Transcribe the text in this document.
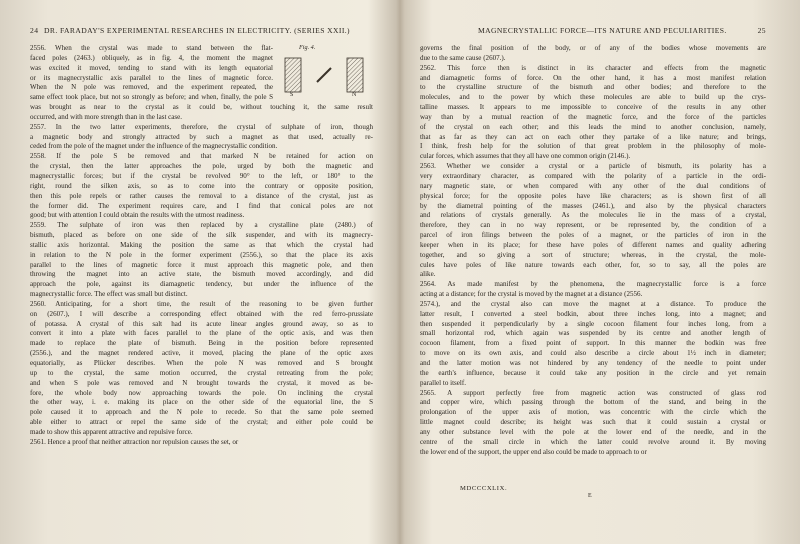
24 DR. FARADAY'S EXPERIMENTAL RESEARCHES IN ELECTRICITY. (SERIES XXII.)
Fig. 4.
S	N
2556. When the crystal was made to stand between the flat-
faced poles (2463.) obliquely, as in fig. 4, the moment the magnet
was excited it moved, tending to stand with its length equatorial
or its magnecrystallic axis parallel to the lines of magnetic force.
When the N pole was removed, and the experiment repeated, the
same effect took place, but not so strongly as before; and when, finally, the pole S
was brought as near to the crystal as it could be, without touching it, the same result
occurred, and with more strength than in the last case.
2557. In the two latter experiments, therefore, the crystal of sulphate of iron, though
a magnetic body and strongly attracted by such a magnet as that used, actually re-
ceded from the pole of the magnet under the influence of the magnecrystallic condition.
2558. If the pole S be removed and that marked N be retained for action on
the crystal, then the latter approaches the pole, urged by both the magnetic and
magnecrystallic forces; but if the crystal be revolved 90° to the left, or 180° to the
right, round the silken axis, so as to come into the contrary or opposite position,
then this pole repels or rather causes the removal to a distance of the crystal, just as
the former did. The experiment requires care, and I find that conical poles are not
good; but with attention I could obtain the results with the utmost readiness.
2559. The sulphate of iron was then replaced by a crystalline plate (2480.) of
bismuth, placed as before on one side of the silk suspender, and with its magnecry-
stallic axis horizontal. Making the position the same as that which the crystal had
in relation to the N pole in the former experiment (2556.), so that the place its axis
parallel to the lines of magnetic force it must approach this magnetic pole, and then
throwing the magnet into an active state, the bismuth moved accordingly, and did
approach the pole, against its diamagnetic tendency, but under the influence of the
magnecrystallic force. The effect was small but distinct.
2560. Anticipating, for a short time, the result of the reasoning to be given further
on (2607.), I will describe a corresponding effect obtained with the red ferro-prussiate
of potassa. A crystal of this salt had its acute linear angles ground away, so as to
convert it into a plate with faces parallel to the plane of the optic axis, and was then
made to replace the plate of bismuth. Being in the position before represented
(2556.), and the magnet rendered active, it moved, placing the plane of the optic axes
equatorially, as Plücker describes. When the pole N was removed and S brought
up to the crystal, the same motion occurred, the crystal retreating from the pole;
and when S pole was removed and N brought towards the crystal, it moved as be-
fore, the whole body now approaching towards the pole. On inclining the crystal
the other way, i. e. making its place on the other side of the equatorial line, the S
pole caused it to approach and the N pole to recede. So that the same pole seemed
able either to attract or repel the same side of the crystal; and either pole could be
made to show this apparent attractive and repulsive force.
2561. Hence a proof that neither attraction nor repulsion causes the set, or
MAGNECRYSTALLIC FORCE—ITS NATURE AND PECULIARITIES.	25
governs the final position of the body, or of any of the bodies whose movements are
due to the same cause (2607.).
2562. This force then is distinct in its character and effects from the magnetic
and diamagnetic forms of force. On the other hand, it has a most manifest relation
to the crystalline structure of the bismuth and other bodies; and therefore to the
molecules, and to the power by which these molecules are able to build up the crys-
talline masses. It appears to me impossible to conceive of the results in any other
way than by a mutual reaction of the magnetic force, and the force of the particles
of the crystal on each other; and this leads the mind to another conclusion, namely,
that as far as they can act on each other they partake of a like nature; and brings,
I think, fresh help for the solution of that great problem in the philosophy of mole-
cular forces, which assumes that they all have one common origin (2146.).
2563. Whether we consider a crystal or a particle of bismuth, its polarity has a
very extraordinary character, as compared with the polarity of a particle in the ordi-
nary magnetic state, or when compared with any other of the dual conditions of
physical force; for the opposite poles have like characters; as is shown first of all
by the diametral pointing of the masses (2461.), and also by the physical characters
and relations of crystals generally. As the molecules lie in the mass of a crystal,
therefore, they can in no way represent, or be represented by, the condition of a
parcel of iron filings between the poles of a magnet, or the particles of iron in the
keeper when in its place; for these have poles of different names and quality adhering
together, and so giving a sort of structure; whereas, in the crystal, the mole-
cules have poles of like nature towards each other, for, so to say, all the poles are
alike.
2564. As made manifest by the phenomena, the magnecrystallic force is a force
acting at a distance; for the crystal is moved by the magnet at a distance (2556.
2574.), and the crystal also can move the magnet at a distance. To produce the
latter result, I converted a steel bodkin, about three inches long, into a magnet; and
then suspended it perpendicularly by a single cocoon filament four inches long, from a
small horizontal rod, which again was suspended by its centre and another length of
cocoon filament, from a fixed point of support. In this manner the bodkin was free
to move on its own axis, and could also describe a circle about 1½ inch in diameter;
and the latter motion was not hindered by any tendency of the needle to point under
the earth's influence, because it could take any position in the circle and yet remain
parallel to itself.
2565. A support perfectly free from magnetic action was constructed of glass rod
and copper wire, which passing through the bottom of the stand, and being in the
prolongation of the upper axis of motion, was concentric with the circle which the
little magnet could describe; its height was such that it could sustain a crystal or
any other substance level with the pole at the lower end of the needle, and in the
centre of the small circle in which the latter could revolve around it. By moving
the lower end of the support, the upper end also could be made to approach to or
MDCCCXLIX.
E
